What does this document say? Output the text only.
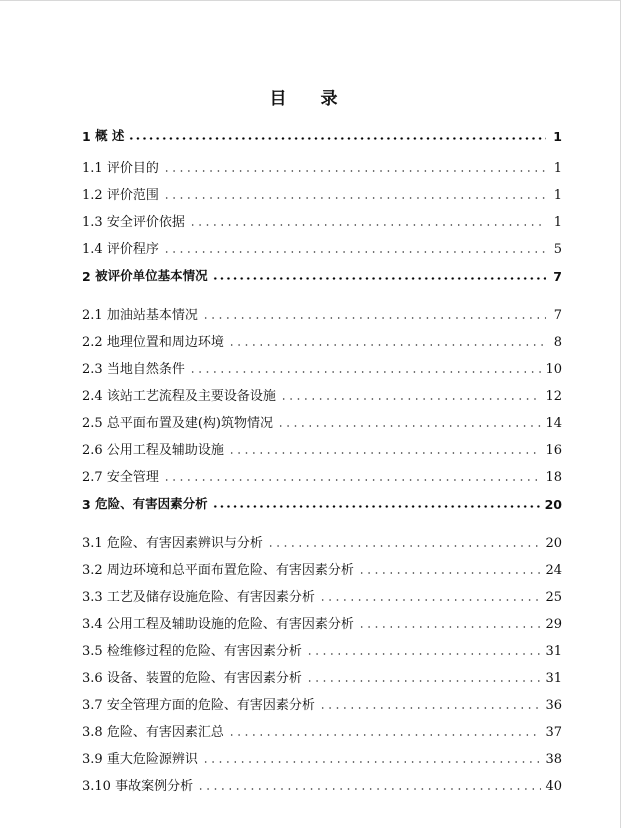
目 录
1 概 述	1
1.1 评价目的	1
1.2 评价范围	1
1.3 安全评价依据	1
1.4 评价程序	5
2 被评价单位基本情况	7
2.1 加油站基本情况	7
2.2 地理位置和周边环境	8
2.3 当地自然条件	10
2.4 该站工艺流程及主要设备设施	12
2.5 总平面布置及建(构)筑物情况	14
2.6 公用工程及辅助设施	16
2.7 安全管理	18
3 危险、有害因素分析	20
3.1 危险、有害因素辨识与分析	20
3.2 周边环境和总平面布置危险、有害因素分析	24
3.3 工艺及储存设施危险、有害因素分析	25
3.4 公用工程及辅助设施的危险、有害因素分析	29
3.5 检维修过程的危险、有害因素分析	31
3.6 设备、装置的危险、有害因素分析	31
3.7 安全管理方面的危险、有害因素分析	36
3.8 危险、有害因素汇总	37
3.9 重大危险源辨识	38
3.10 事故案例分析	40
